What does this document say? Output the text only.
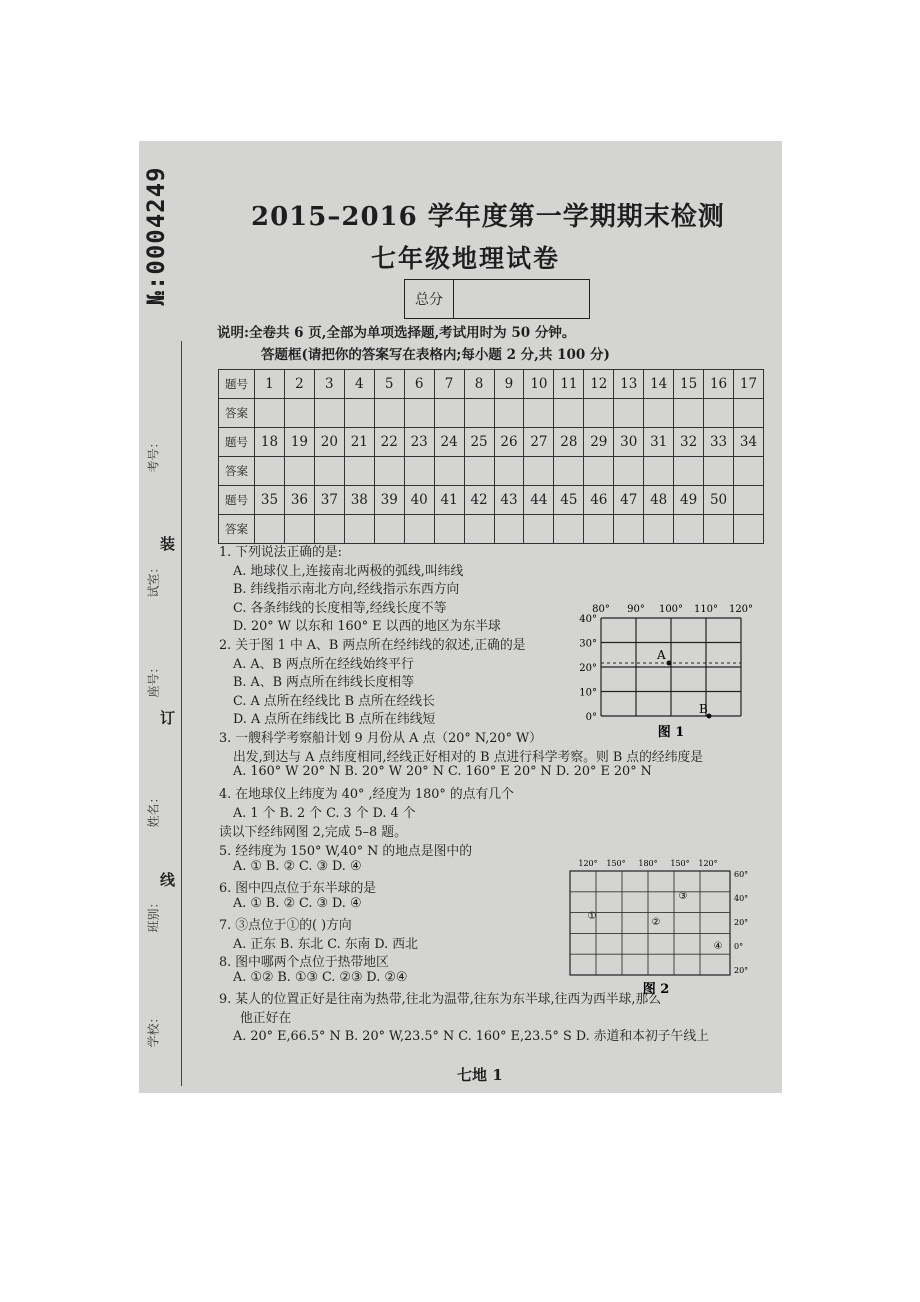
№:0004249
考号：
试室：
座号：
姓名：
班别：
学校：
装
订
线
2015–2016 学年度第一学期期末检测
七年级地理试卷
总分
说明:全卷共 6 页,全部为单项选择题,考试用时为 50 分钟。
答题框(请把你的答案写在表格内;每小题 2 分,共 100 分)
题号	1	2	3	4	5	6	7	8	9	10	11	12	13	14	15	16	17
答案																	
题号	18	19	20	21	22	23	24	25	26	27	28	29	30	31	32	33	34
答案																	
题号	35	36	37	38	39	40	41	42	43	44	45	46	47	48	49	50	
答案																	
1. 下列说法正确的是:
A. 地球仪上,连接南北两极的弧线,叫纬线
B. 纬线指示南北方向,经线指示东西方向
C. 各条纬线的长度相等,经线长度不等
D. 20° W 以东和 160° E 以西的地区为东半球
2. 关于图 1 中 A、B 两点所在经纬线的叙述,正确的是
A. A、B 两点所在经线始终平行
B. A、B 两点所在纬线长度相等
C. A 点所在经线比 B 点所在经线长
D. A 点所在纬线比 B 点所在纬线短
3. 一艘科学考察船计划 9 月份从 A 点（20° N,20° W）
出发,到达与 A 点纬度相同,经线正好相对的 B 点进行科学考察。则 B 点的经纬度是
A. 160° W 20° N B. 20° W 20° N C. 160° E 20° N D. 20° E 20° N
4. 在地球仪上纬度为 40° ,经度为 180° 的点有几个
A. 1 个 B. 2 个 C. 3 个 D. 4 个
读以下经纬网图 2,完成 5–8 题。
5. 经纬度为 150° W,40° N 的地点是图中的
A. ① B. ② C. ③ D. ④
6. 图中四点位于东半球的是
A. ① B. ② C. ③ D. ④
7. ③点位于①的( )方向
A. 正东 B. 东北 C. 东南 D. 西北
8. 图中哪两个点位于热带地区
A. ①② B. ①③ C. ②③ D. ②④
9. 某人的位置正好是往南为热带,往北为温带,往东为东半球,往西为西半球,那么
他正好在
A. 20° E,66.5° N B. 20° W,23.5° N C. 160° E,23.5° S D. 赤道和本初子午线上
80° 90° 100° 110° 120°
40°
30°
20°
10°
0°
A
B
图 1
120° 150° 180° 150° 120°
60°
40°
20°
0°
20°
①
②
③
④
图 2
七地 1
